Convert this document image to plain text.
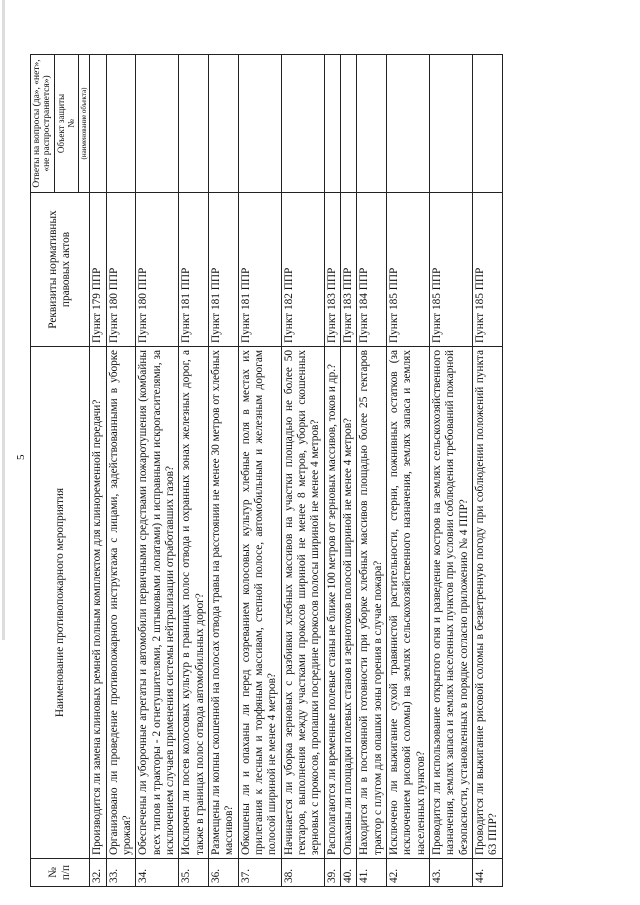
5
№ п/п	Наименование противопожарного мероприятия	Реквизиты нормативных правовых актов	Ответы на вопросы (да», «нет», «не распространяется»)
			Объект защиты
№
			(наименование объекта)
32.	Производится ли замена клиновых ремней полным комплектом для клиноременной передачи?	Пункт 179 ППР	
33.	Организовано ли проведение противопожарного инструктажа с лицами, задействованными в уборке урожая?	Пункт 180 ППР	
34.	Обеспечены ли уборочные агрегаты и автомобили первичными средствами пожаротушения (комбайны всех типов и тракторы - 2 огнетушителями, 2 штыковыми лопатами) и исправными искрогасителями, за исключением случаев применения системы нейтрализации отработавших газов?	Пункт 180 ППР	
35.	Исключен ли посев колосовых культур в границах полос отвода и охранных зонах железных дорог, а также в границах полос отвода автомобильных дорог?	Пункт 181 ППР	
36.	Размещены ли копны скошенной на полосах отвода травы на расстоянии не менее 30 метров от хлебных массивов?	Пункт 181 ППР	
37.	Обкошены ли и опаханы ли перед созреванием колосовых культур хлебные поля в местах их прилегания к лесным и торфяным массивам, степной полосе, автомобильным и железным дорогам полосой шириной не менее 4 метров?	Пункт 181 ППР	
38.	Начинается ли уборка зерновых с разбивки хлебных массивов на участки площадью не более 50 гектаров, выполнения между участками прокосов шириной не менее 8 метров, уборки скошенных зерновых с прокосов, пропашки посредине прокосов полосы шириной не менее 4 метров?	Пункт 182 ППР	
39.	Располагаются ли временные полевые станы не ближе 100 метров от зерновых массивов, токов и др.?	Пункт 183 ППР	
40.	Опаханы ли площадки полевых станов и зернотоков полосой шириной не менее 4 метров?	Пункт 183 ППР	
41.	Находится ли в постоянной готовности при уборке хлебных массивов площадью более 25 гектаров трактор с плугом для опашки зоны горения в случае пожара?	Пункт 184 ППР	
42.	Исключено ли выжигание сухой травянистой растительности, стерни, пожнивных остатков (за исключением рисовой соломы) на землях сельскохозяйственного назначения, землях запаса и землях населенных пунктов?	Пункт 185 ППР	
43.	Проводится ли использование открытого огня и разведение костров на землях сельскохозяйственного назначения, землях запаса и землях населенных пунктов при условии соблюдения требований пожарной безопасности, установленных в порядке согласно приложению № 4 ППР?	Пункт 185 ППР	
44.	Проводится ли выжигание рисовой соломы в безветренную погоду при соблюдении положений пункта 63 ППР?	Пункт 185 ППР	
